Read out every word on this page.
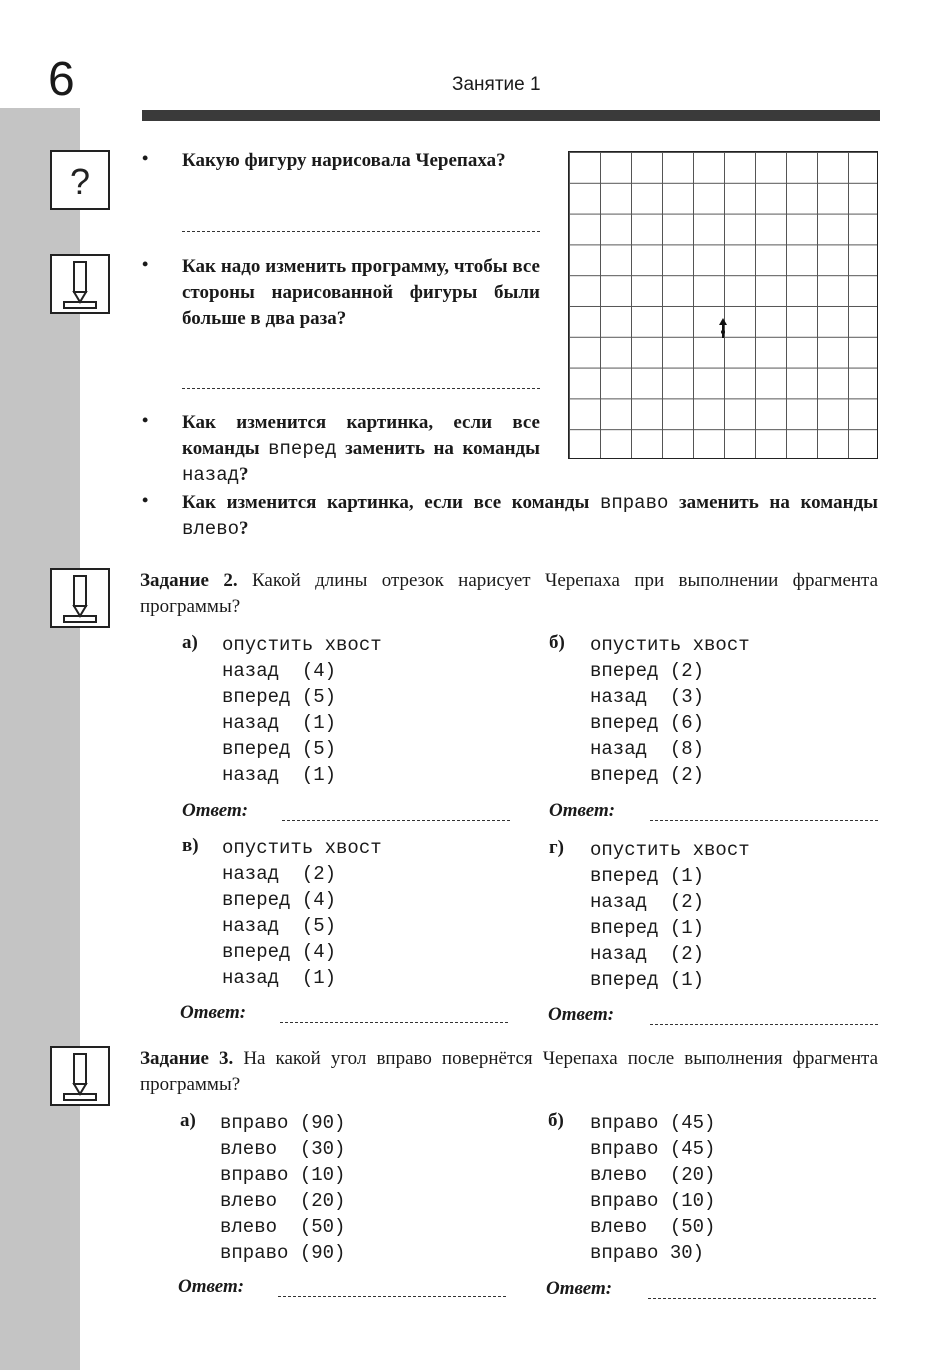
6	Занятие 1
?
• Какую фигуру нарисовала Черепаха?
• Как надо изменить программу, чтобы все стороны нарисованной фигуры были больше в два раза?
• Как изменится картинка, если все команды вперед заменить на команды назад?
• Как изменится картинка, если все команды вправо заменить на команды влево?
Задание 2. Какой длины отрезок нарисует Черепаха при выполнении фрагмента программы?
а) опустить хвост
назад  (4)
вперед (5)
назад  (1)
вперед (5)
назад  (1)
б) опустить хвост
вперед (2)
назад  (3)
вперед (6)
назад  (8)
вперед (2)
Ответ:	Ответ:
в) опустить хвост
назад  (2)
вперед (4)
назад  (5)
вперед (4)
назад  (1)
г) опустить хвост
вперед (1)
назад  (2)
вперед (1)
назад  (2)
вперед (1)
Ответ:	Ответ:
Задание 3. На какой угол вправо повернётся Черепаха после выполнения фрагмента программы?
а) вправо (90)
влево  (30)
вправо (10)
влево  (20)
влево  (50)
вправо (90)
б) вправо (45)
вправо (45)
влево  (20)
вправо (10)
влево  (50)
вправо 30)
Ответ:	Ответ:
